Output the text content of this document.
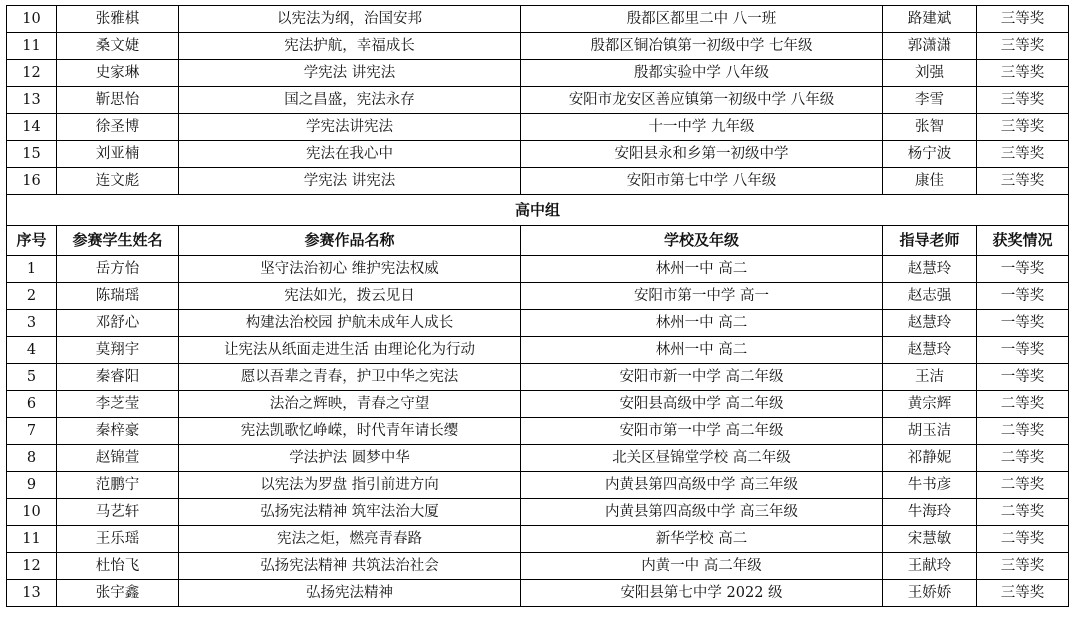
10	张雅棋	以宪法为纲，治国安邦	殷都区都里二中 八一班	路建斌	三等奖
11	桑文婕	宪法护航，幸福成长	殷都区铜冶镇第一初级中学 七年级	郭潇潇	三等奖
12	史家琳	学宪法 讲宪法	殷都实验中学 八年级	刘强	三等奖
13	靳思怡	国之昌盛，宪法永存	安阳市龙安区善应镇第一初级中学 八年级	李雪	三等奖
14	徐圣博	学宪法讲宪法	十一中学 九年级	张智	三等奖
15	刘亚楠	宪法在我心中	安阳县永和乡第一初级中学	杨宁波	三等奖
16	连文彪	学宪法 讲宪法	安阳市第七中学 八年级	康佳	三等奖
高中组					
序号	参赛学生姓名	参赛作品名称	学校及年级	指导老师	获奖情况
1	岳方怡	坚守法治初心 维护宪法权威	林州一中 高二	赵慧玲	一等奖
2	陈瑞瑶	宪法如光，拨云见日	安阳市第一中学 高一	赵志强	一等奖
3	邓舒心	构建法治校园 护航未成年人成长	林州一中 高二	赵慧玲	一等奖
4	莫翔宇	让宪法从纸面走进生活 由理论化为行动	林州一中 高二	赵慧玲	一等奖
5	秦睿阳	愿以吾辈之青春，护卫中华之宪法	安阳市新一中学 高二年级	王洁	一等奖
6	李芝莹	法治之辉映，青春之守望	安阳县高级中学 高二年级	黄宗辉	二等奖
7	秦梓豪	宪法凯歌忆峥嵘，时代青年请长缨	安阳市第一中学 高二年级	胡玉洁	二等奖
8	赵锦萱	学法护法 圆梦中华	北关区昼锦堂学校 高二年级	祁静妮	二等奖
9	范鹏宁	以宪法为罗盘 指引前进方向	内黄县第四高级中学 高三年级	牛书彦	二等奖
10	马艺轩	弘扬宪法精神 筑牢法治大厦	内黄县第四高级中学 高三年级	牛海玲	二等奖
11	王乐瑶	宪法之炬，燃亮青春路	新华学校 高二	宋慧敏	二等奖
12	杜怡飞	弘扬宪法精神 共筑法治社会	内黄一中 高二年级	王献玲	三等奖
13	张宇鑫	弘扬宪法精神	安阳县第七中学 2022 级	王娇娇	三等奖
